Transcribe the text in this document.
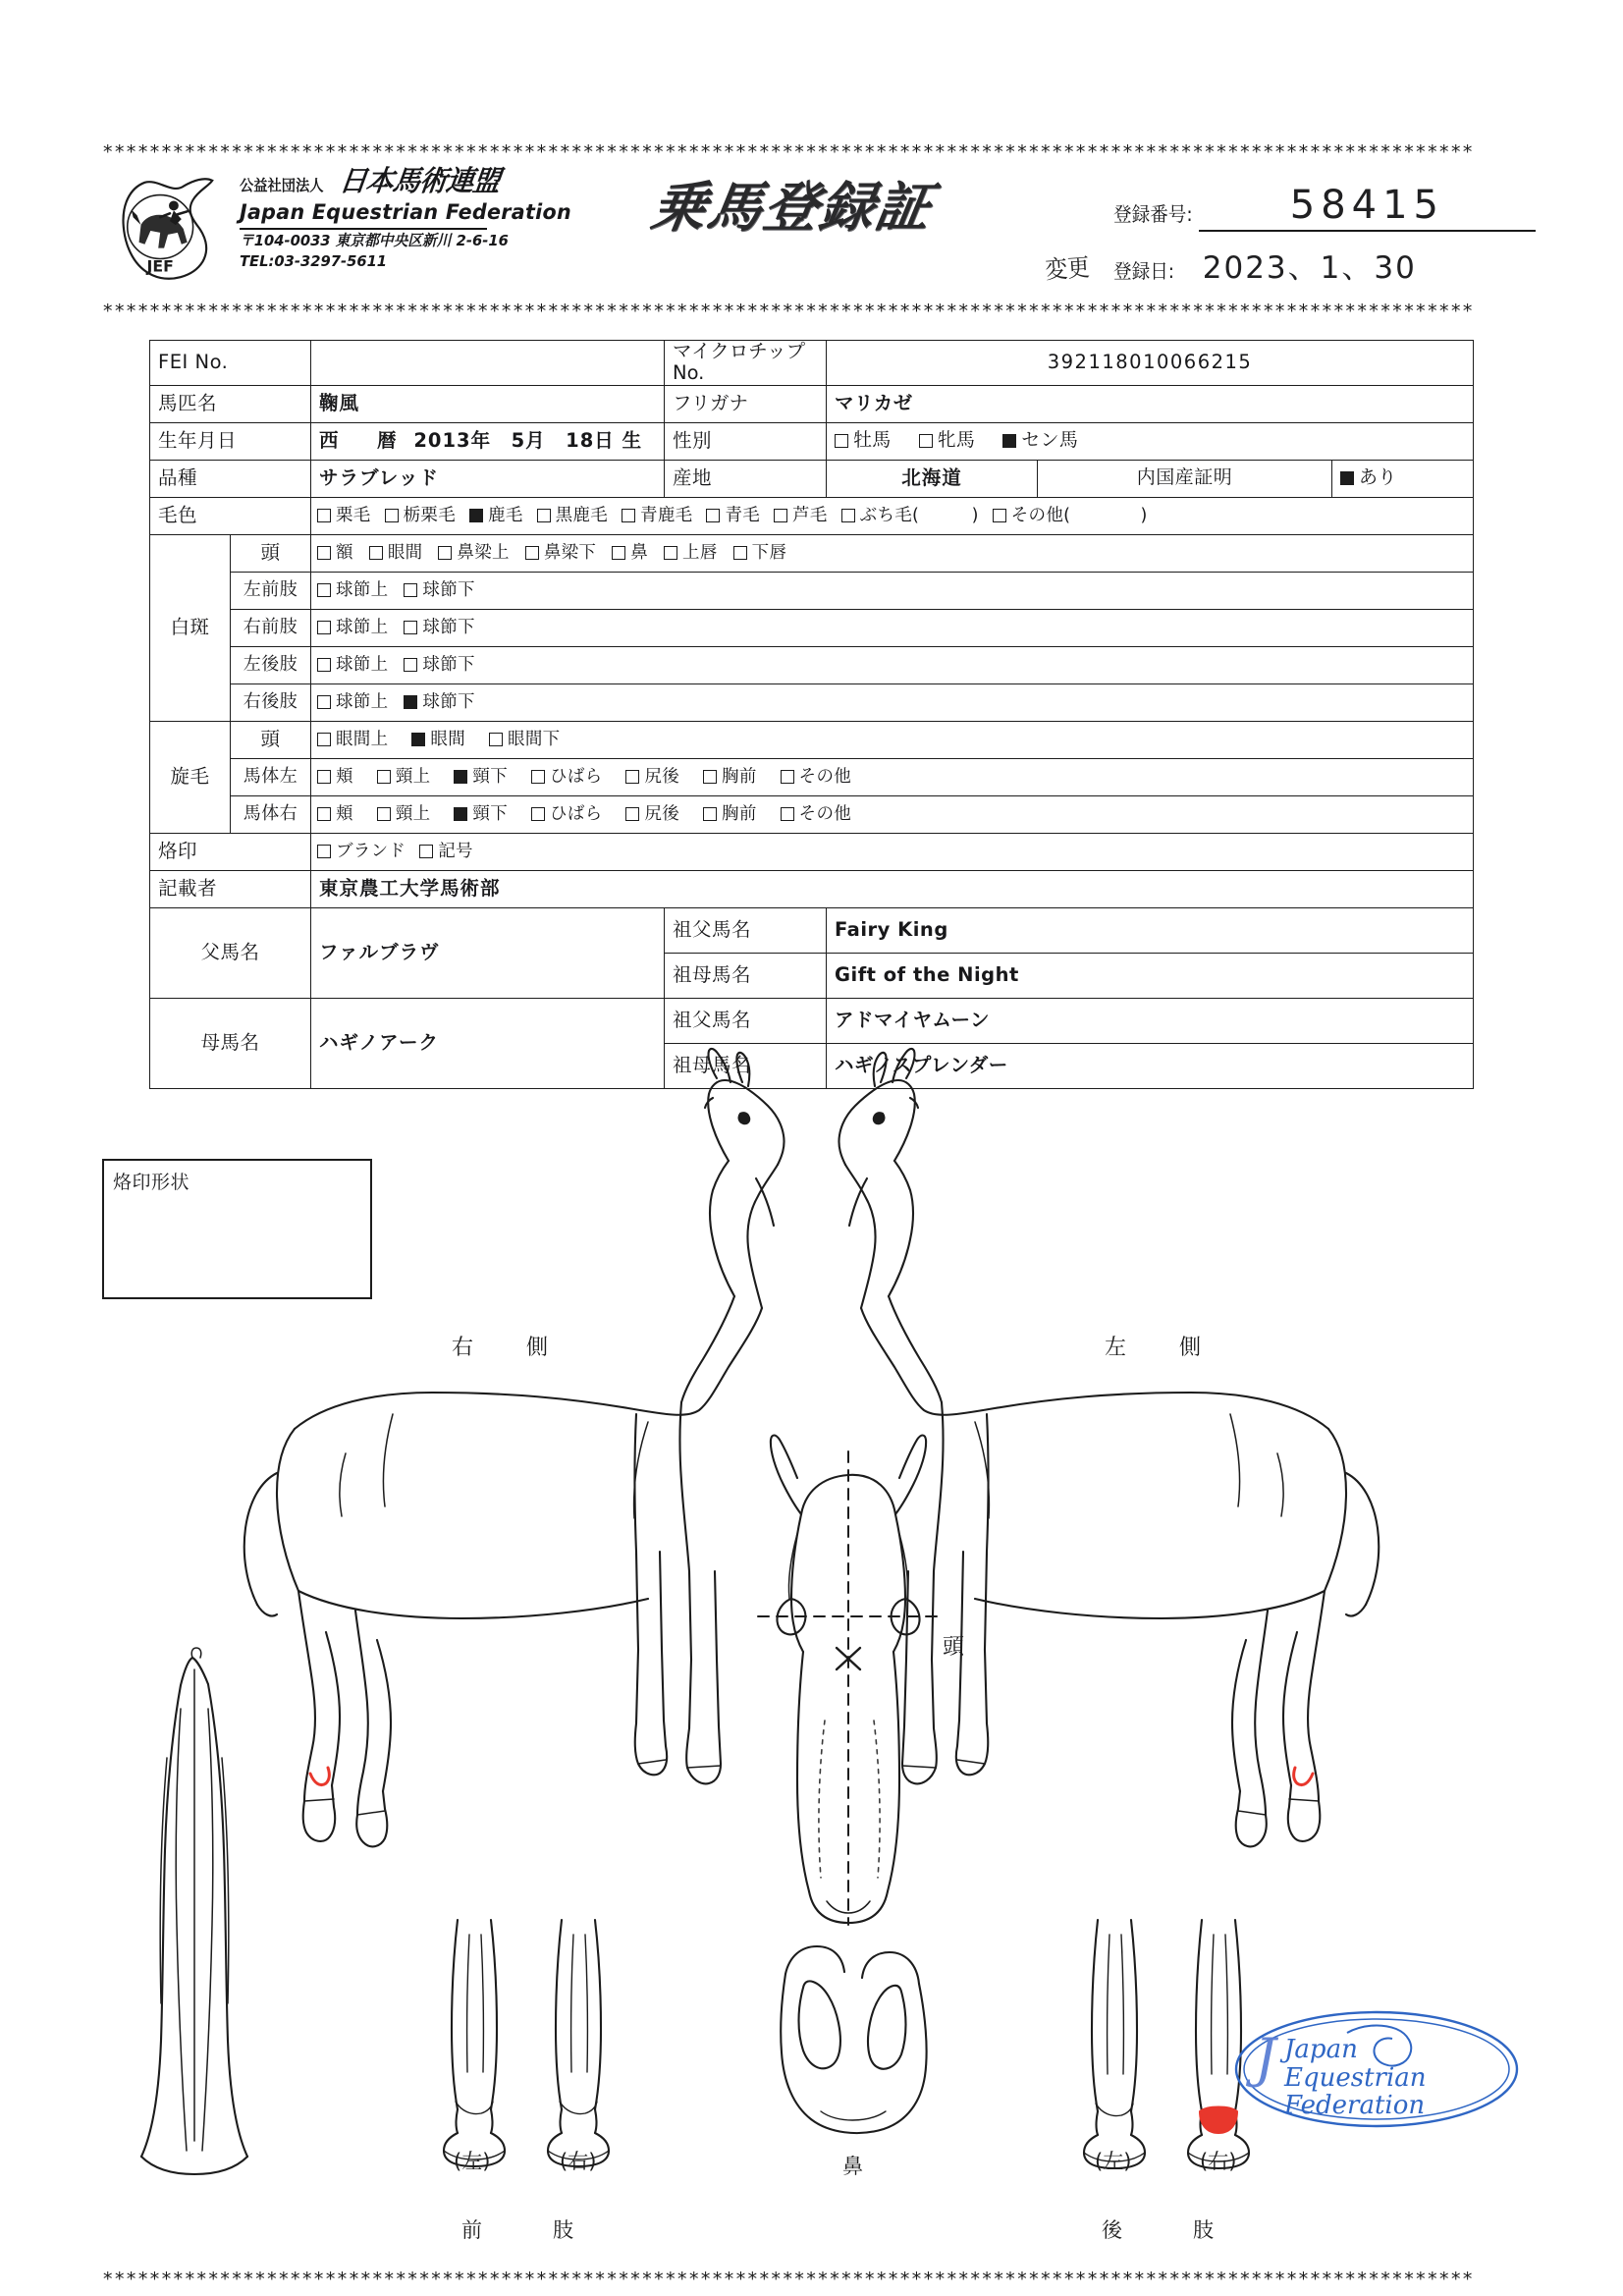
*********************************************************************************************************************
*********************************************************************************************************************
*********************************************************************************************************************
JEF
公益社団法人 日本馬術連盟
Japan Equestrian Federation
〒104-0033 東京都中央区新川 2-6-16
TEL:03-3297-5611
乗馬登録証	登録番号:	58415
変更 登録日: 2023、1、30
FEI No.			マイクロチップNo.	392118010066215		
馬匹名		鞠風	フリガナ	マリカゼ		
生年月日		西　暦 2013年　5月　18日 生	性別	牡馬 牝馬 セン馬		

品種		サラブレッド	産地	北海道	内国産証明	あり

毛色	栗毛 栃栗毛 鹿毛 黒鹿毛 青鹿毛 青毛 芦毛 ぶち毛(　　　) その他(　　　　)

白斑	頭	額 眼間 鼻梁上 鼻梁下 鼻 上唇 下唇

	左前肢	球節上 球節下				

	右前肢	球節上 球節下				

	左後肢	球節上 球節下				

	右後肢	球節上 球節下				

旋毛	頭	眼間上 眼間 眼間下				

馬体左	頬 頸上 頸下 ひばら 尻後 胸前 その他

馬体右	頬 頸上 頸下 ひばら 尻後 胸前 その他

烙印		ブランド 記号				

記載者		東京農工大学馬術部				
父馬名		ファルブラヴ	祖父馬名	Fairy King		
			祖母馬名	Gift of the Night		
母馬名		ハギノアーク	祖父馬名	アドマイヤムーン		
			祖母馬名	ハギノスプレンダー		
烙印形状
右　側	左　側
頭
(左)	(右)
前　　肢
鼻	(左)	(右)
後　　肢
J Japan
Equestrian
Federation
